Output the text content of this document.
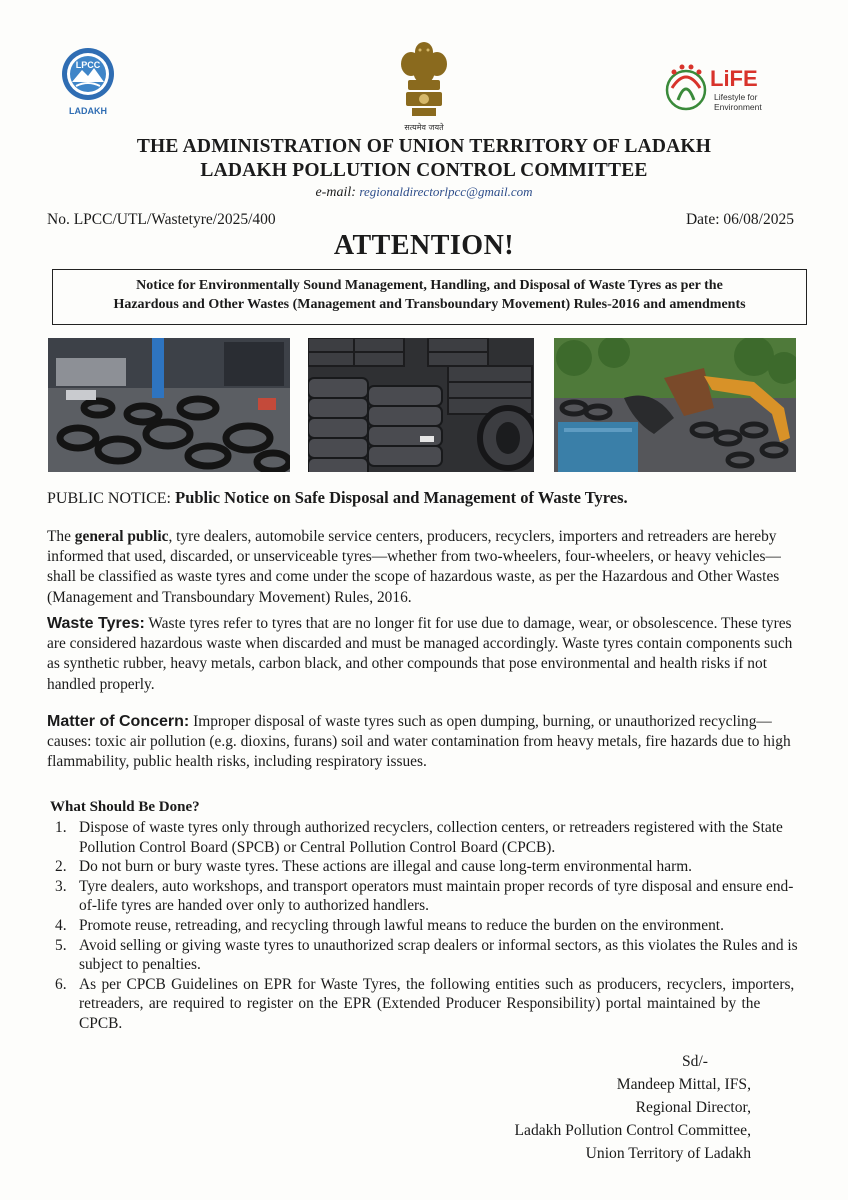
LPCC
LADAKH
सत्यमेव जयते
LiFE
Lifestyle for
Environment
THE ADMINISTRATION OF UNION TERRITORY OF LADAKH
LADAKH POLLUTION CONTROL COMMITTEE
e-mail: regionaldirectorlpcc@gmail.com
No. LPCC/UTL/Wastetyre/2025/400	Date: 06/08/2025
ATTENTION!
Notice for Environmentally Sound Management, Handling, and Disposal of Waste Tyres as per the
Hazardous and Other Wastes (Management and Transboundary Movement) Rules-2016 and amendments
PUBLIC NOTICE: Public Notice on Safe Disposal and Management of Waste Tyres.
The general public, tyre dealers, automobile service centers, producers, recyclers, importers and retreaders are hereby informed that used, discarded, or unserviceable tyres—whether from two-wheelers, four-wheelers, or heavy vehicles—shall be classified as waste tyres and come under the scope of hazardous waste, as per the Hazardous and Other Wastes (Management and Transboundary Movement) Rules, 2016.
Waste Tyres: Waste tyres refer to tyres that are no longer fit for use due to damage, wear, or obsolescence. These tyres are considered hazardous waste when discarded and must be managed accordingly. Waste tyres contain components such as synthetic rubber, heavy metals, carbon black, and other compounds that pose environmental and health risks if not handled properly.
Matter of Concern: Improper disposal of waste tyres such as open dumping, burning, or unauthorized recycling—causes: toxic air pollution (e.g. dioxins, furans) soil and water contamination from heavy metals, fire hazards due to high flammability, public health risks, including respiratory issues.
What Should Be Done?
1. Dispose of waste tyres only through authorized recyclers, collection centers, or retreaders registered with the State Pollution Control Board (SPCB) or Central Pollution Control Board (CPCB).
2. Do not burn or bury waste tyres. These actions are illegal and cause long-term environmental harm.
3. Tyre dealers, auto workshops, and transport operators must maintain proper records of tyre disposal and ensure end-of-life tyres are handed over only to authorized handlers.
4. Promote reuse, retreading, and recycling through lawful means to reduce the burden on the environment.
5. Avoid selling or giving waste tyres to unauthorized scrap dealers or informal sectors, as this violates the Rules and is subject to penalties.
6. As per CPCB Guidelines on EPR for Waste Tyres, the following entities such as producers, recyclers, importers, retreaders, are required to register on the EPR (Extended Producer Responsibility) portal maintained by the CPCB.
Sd/-
Mandeep Mittal, IFS,
Regional Director,
Ladakh Pollution Control Committee,
Union Territory of Ladakh
